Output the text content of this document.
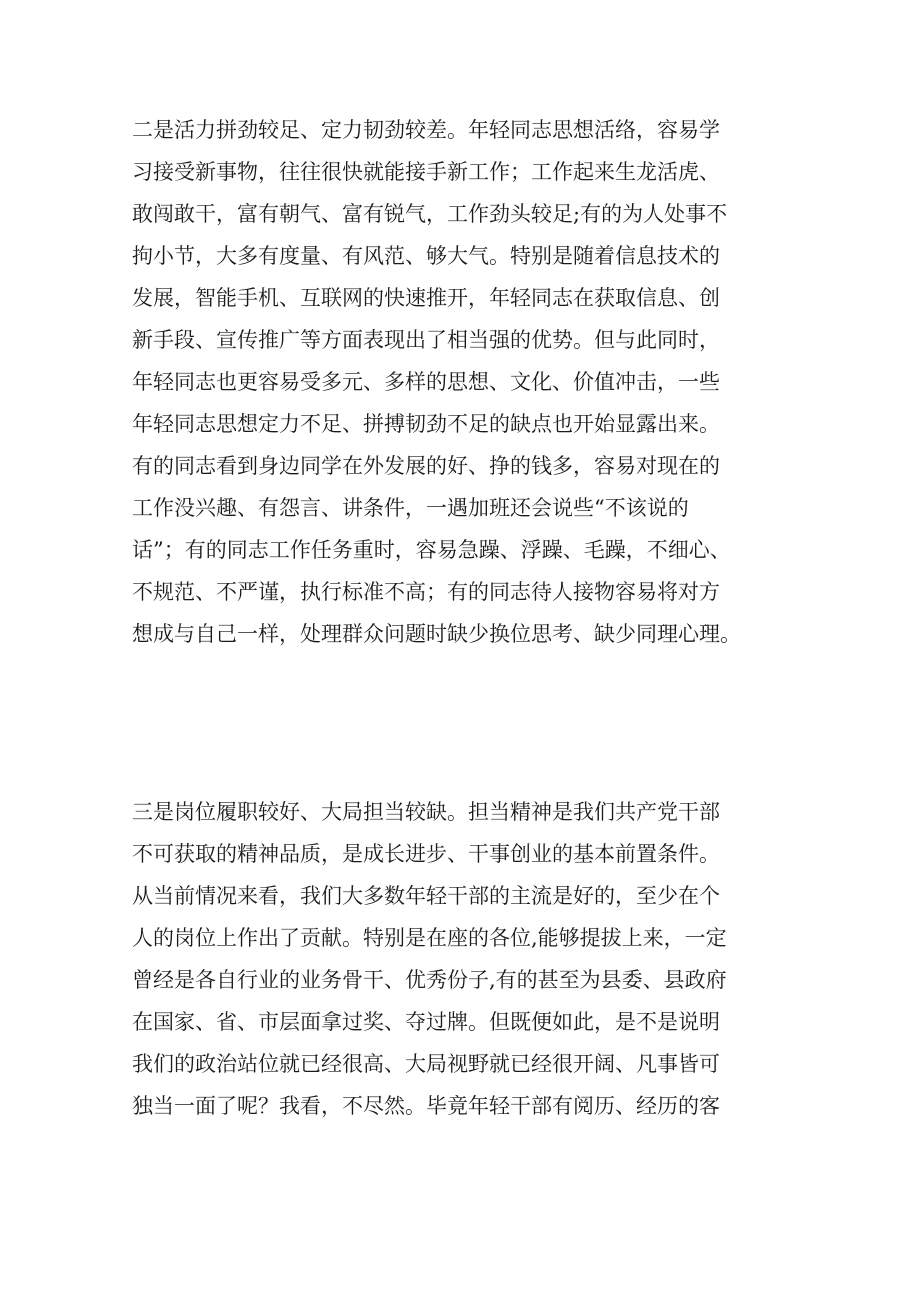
二是活力拼劲较足、定力韧劲较差。年轻同志思想活络，容易学
习接受新事物，往往很快就能接手新工作；工作起来生龙活虎、
敢闯敢干，富有朝气、富有锐气，工作劲头较足;有的为人处事不
拘小节，大多有度量、有风范、够大气。特别是随着信息技术的
发展，智能手机、互联网的快速推开，年轻同志在获取信息、创
新手段、宣传推广等方面表现出了相当强的优势。但与此同时，
年轻同志也更容易受多元、多样的思想、文化、价值冲击，一些
年轻同志思想定力不足、拼搏韧劲不足的缺点也开始显露出来。
有的同志看到身边同学在外发展的好、挣的钱多，容易对现在的
工作没兴趣、有怨言、讲条件，一遇加班还会说些“不该说的
话”；有的同志工作任务重时，容易急躁、浮躁、毛躁，不细心、
不规范、不严谨，执行标准不高；有的同志待人接物容易将对方
想成与自己一样，处理群众问题时缺少换位思考、缺少同理心理。
三是岗位履职较好、大局担当较缺。担当精神是我们共产党干部
不可获取的精神品质，是成长进步、干事创业的基本前置条件。
从当前情况来看，我们大多数年轻干部的主流是好的，至少在个
人的岗位上作出了贡献。特别是在座的各位,能够提拔上来，一定
曾经是各自行业的业务骨干、优秀份子,有的甚至为县委、县政府
在国家、省、市层面拿过奖、夺过牌。但既便如此，是不是说明
我们的政治站位就已经很高、大局视野就已经很开阔、凡事皆可
独当一面了呢？我看，不尽然。毕竟年轻干部有阅历、经历的客
